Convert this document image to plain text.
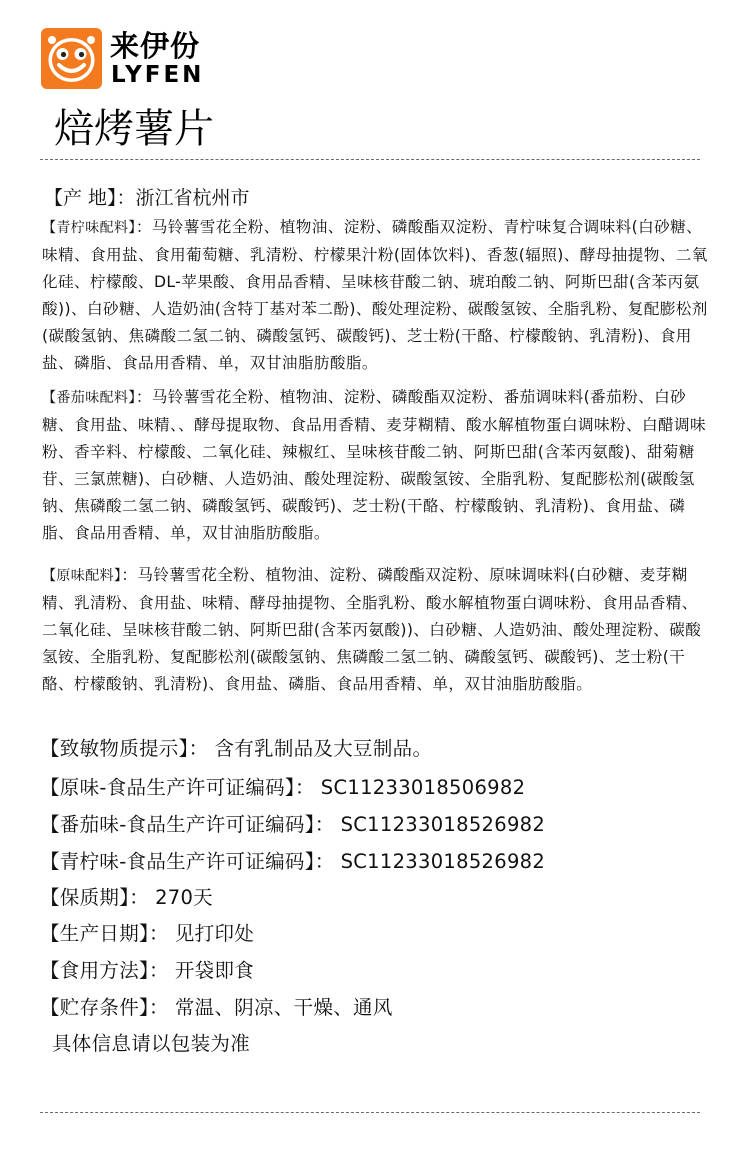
来伊份
LYFEN
焙烤薯片
【产 地】：浙江省杭州市

【青柠味配料】：马铃薯雪花全粉、植物油、淀粉、磷酸酯双淀粉、青柠味复合调味料(白砂糖、味精、食用盐、食用葡萄糖、乳清粉、柠檬果汁粉(固体饮料)、香葱(辐照)、酵母抽提物、二氧化硅、柠檬酸、DL-苹果酸、食用品香精、呈味核苷酸二钠、琥珀酸二钠、阿斯巴甜(含苯丙氨酸))、白砂糖、人造奶油(含特丁基对苯二酚)、酸处理淀粉、碳酸氢铵、全脂乳粉、复配膨松剂(碳酸氢钠、焦磷酸二氢二钠、磷酸氢钙、碳酸钙)、芝士粉(干酪、柠檬酸钠、乳清粉)、食用盐、磷脂、食品用香精、单，双甘油脂肪酸脂。

【番茄味配料】：马铃薯雪花全粉、植物油、淀粉、磷酸酯双淀粉、番茄调味料(番茄粉、白砂糖、食用盐、味精、、酵母提取物、食品用香精、麦芽糊精、酸水解植物蛋白调味粉、白醋调味粉、香辛料、柠檬酸、二氧化硅、辣椒红、呈味核苷酸二钠、阿斯巴甜(含苯丙氨酸)、甜菊糖苷、三氯蔗糖)、白砂糖、人造奶油、酸处理淀粉、碳酸氢铵、全脂乳粉、复配膨松剂(碳酸氢钠、焦磷酸二氢二钠、磷酸氢钙、碳酸钙)、芝士粉(干酪、柠檬酸钠、乳清粉)、食用盐、磷脂、食品用香精、单，双甘油脂肪酸脂。

【原味配料】：马铃薯雪花全粉、植物油、淀粉、磷酸酯双淀粉、原味调味料(白砂糖、麦芽糊精、乳清粉、食用盐、味精、酵母抽提物、全脂乳粉、酸水解植物蛋白调味粉、食用品香精、二氧化硅、呈味核苷酸二钠、阿斯巴甜(含苯丙氨酸))、白砂糖、人造奶油、酸处理淀粉、碳酸氢铵、全脂乳粉、复配膨松剂(碳酸氢钠、焦磷酸二氢二钠、磷酸氢钙、碳酸钙)、芝士粉(干酪、柠檬酸钠、乳清粉)、食用盐、磷脂、食品用香精、单，双甘油脂肪酸脂。

【致敏物质提示】： 含有乳制品及大豆制品。
【原味-食品生产许可证编码】： SC11233018506982
【番茄味-食品生产许可证编码】： SC11233018526982
【青柠味-食品生产许可证编码】： SC11233018526982
【保质期】： 270天
【生产日期】： 见打印处
【食用方法】： 开袋即食
【贮存条件】： 常温、阴凉、干燥、通风
具体信息请以包装为准
